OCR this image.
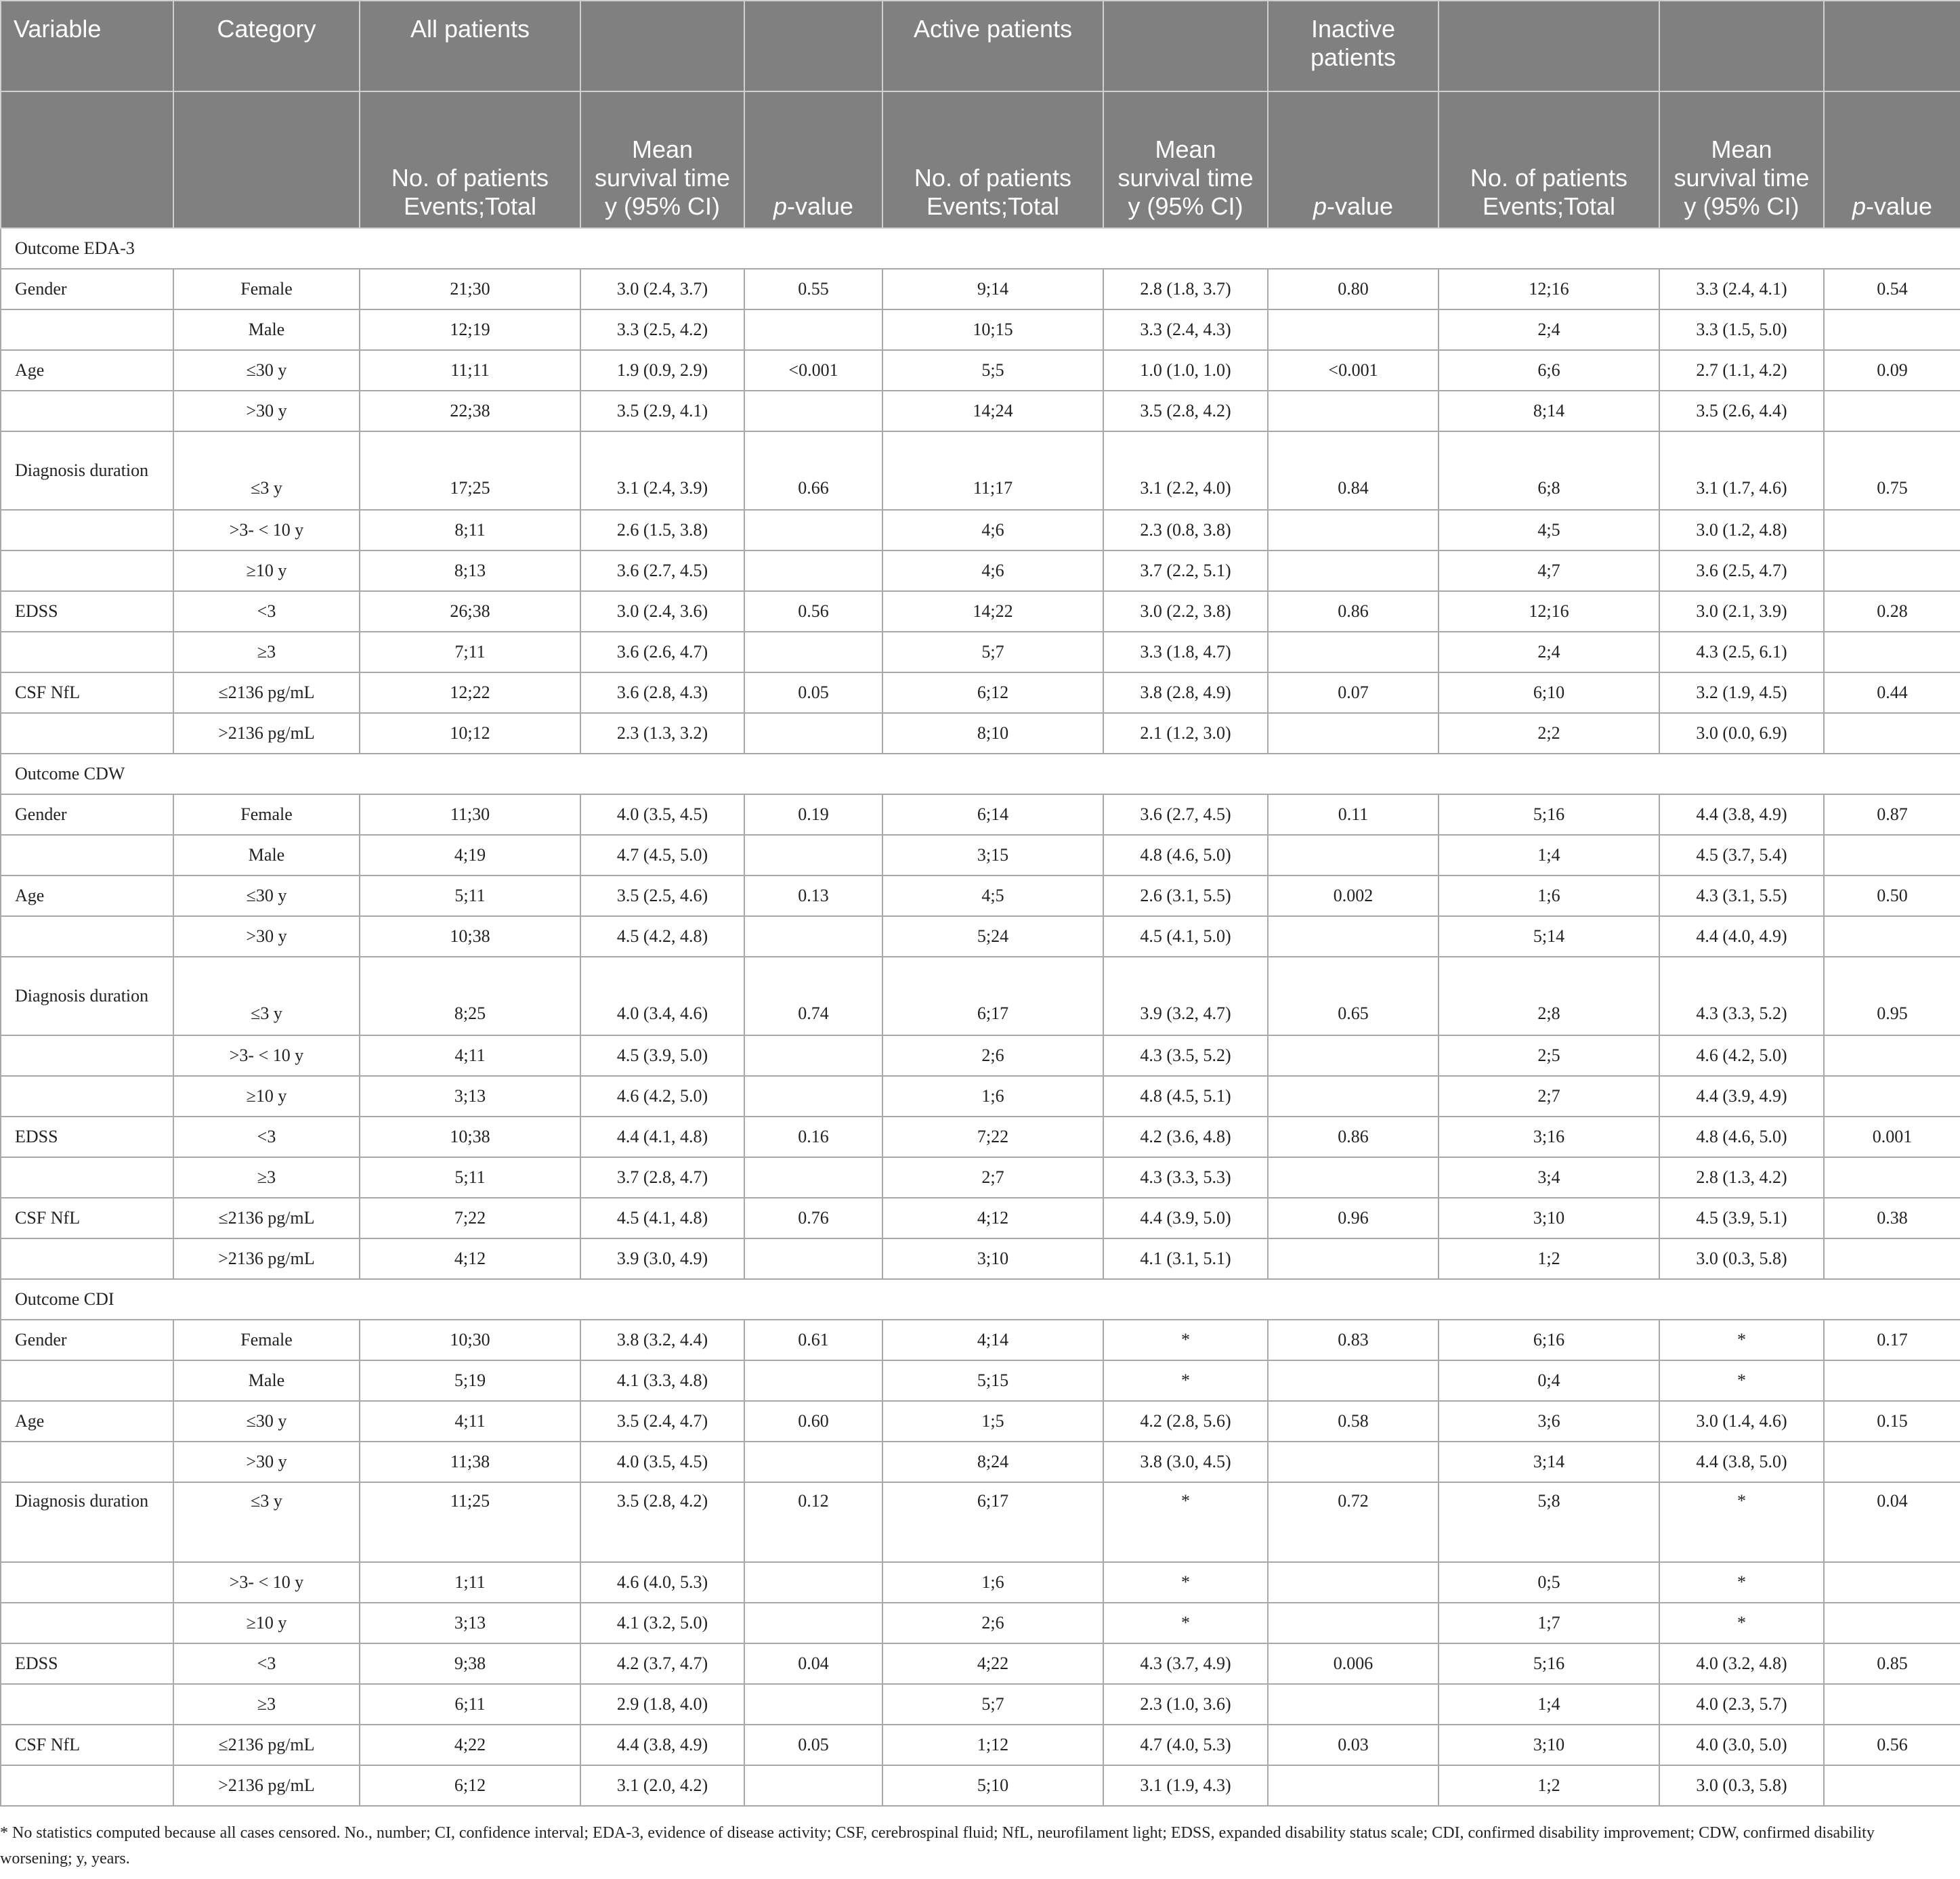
Variable	Category	All patients			Active patients		Inactive patients			
		No. of patients Events;Total	Mean survival time y (95% CI)	p-value	No. of patients Events;Total	Mean survival time y (95% CI)	p-value	No. of patients Events;Total	Mean survival time y (95% CI)	p-value
Outcome EDA-3										
Gender	Female	21;30	3.0 (2.4, 3.7)	0.55	9;14	2.8 (1.8, 3.7)	0.80	12;16	3.3 (2.4, 4.1)	0.54
	Male	12;19	3.3 (2.5, 4.2)		10;15	3.3 (2.4, 4.3)		2;4	3.3 (1.5, 5.0)	
Age	≤30 y	11;11	1.9 (0.9, 2.9)	<0.001	5;5	1.0 (1.0, 1.0)	<0.001	6;6	2.7 (1.1, 4.2)	0.09
	>30 y	22;38	3.5 (2.9, 4.1)		14;24	3.5 (2.8, 4.2)		8;14	3.5 (2.6, 4.4)	
Diagnosis duration	≤3 y	17;25	3.1 (2.4, 3.9)	0.66	11;17	3.1 (2.2, 4.0)	0.84	6;8	3.1 (1.7, 4.6)	0.75
	>3- < 10 y	8;11	2.6 (1.5, 3.8)		4;6	2.3 (0.8, 3.8)		4;5	3.0 (1.2, 4.8)	
	≥10 y	8;13	3.6 (2.7, 4.5)		4;6	3.7 (2.2, 5.1)		4;7	3.6 (2.5, 4.7)	
EDSS	<3	26;38	3.0 (2.4, 3.6)	0.56	14;22	3.0 (2.2, 3.8)	0.86	12;16	3.0 (2.1, 3.9)	0.28
	≥3	7;11	3.6 (2.6, 4.7)		5;7	3.3 (1.8, 4.7)		2;4	4.3 (2.5, 6.1)	
CSF NfL	≤2136 pg/mL	12;22	3.6 (2.8, 4.3)	0.05	6;12	3.8 (2.8, 4.9)	0.07	6;10	3.2 (1.9, 4.5)	0.44
	>2136 pg/mL	10;12	2.3 (1.3, 3.2)		8;10	2.1 (1.2, 3.0)		2;2	3.0 (0.0, 6.9)	
Outcome CDW										
Gender	Female	11;30	4.0 (3.5, 4.5)	0.19	6;14	3.6 (2.7, 4.5)	0.11	5;16	4.4 (3.8, 4.9)	0.87
	Male	4;19	4.7 (4.5, 5.0)		3;15	4.8 (4.6, 5.0)		1;4	4.5 (3.7, 5.4)	
Age	≤30 y	5;11	3.5 (2.5, 4.6)	0.13	4;5	2.6 (3.1, 5.5)	0.002	1;6	4.3 (3.1, 5.5)	0.50
	>30 y	10;38	4.5 (4.2, 4.8)		5;24	4.5 (4.1, 5.0)		5;14	4.4 (4.0, 4.9)	
Diagnosis duration	≤3 y	8;25	4.0 (3.4, 4.6)	0.74	6;17	3.9 (3.2, 4.7)	0.65	2;8	4.3 (3.3, 5.2)	0.95
	>3- < 10 y	4;11	4.5 (3.9, 5.0)		2;6	4.3 (3.5, 5.2)		2;5	4.6 (4.2, 5.0)	
	≥10 y	3;13	4.6 (4.2, 5.0)		1;6	4.8 (4.5, 5.1)		2;7	4.4 (3.9, 4.9)	
EDSS	<3	10;38	4.4 (4.1, 4.8)	0.16	7;22	4.2 (3.6, 4.8)	0.86	3;16	4.8 (4.6, 5.0)	0.001
	≥3	5;11	3.7 (2.8, 4.7)		2;7	4.3 (3.3, 5.3)		3;4	2.8 (1.3, 4.2)	
CSF NfL	≤2136 pg/mL	7;22	4.5 (4.1, 4.8)	0.76	4;12	4.4 (3.9, 5.0)	0.96	3;10	4.5 (3.9, 5.1)	0.38
	>2136 pg/mL	4;12	3.9 (3.0, 4.9)		3;10	4.1 (3.1, 5.1)		1;2	3.0 (0.3, 5.8)	
Outcome CDI										
Gender	Female	10;30	3.8 (3.2, 4.4)	0.61	4;14	*	0.83	6;16	*	0.17
	Male	5;19	4.1 (3.3, 4.8)		5;15	*		0;4	*	
Age	≤30 y	4;11	3.5 (2.4, 4.7)	0.60	1;5	4.2 (2.8, 5.6)	0.58	3;6	3.0 (1.4, 4.6)	0.15
	>30 y	11;38	4.0 (3.5, 4.5)		8;24	3.8 (3.0, 4.5)		3;14	4.4 (3.8, 5.0)	
Diagnosis duration	≤3 y	11;25	3.5 (2.8, 4.2)	0.12	6;17	*	0.72	5;8	*	0.04
	>3- < 10 y	1;11	4.6 (4.0, 5.3)		1;6	*		0;5	*	
	≥10 y	3;13	4.1 (3.2, 5.0)		2;6	*		1;7	*	
EDSS	<3	9;38	4.2 (3.7, 4.7)	0.04	4;22	4.3 (3.7, 4.9)	0.006	5;16	4.0 (3.2, 4.8)	0.85
	≥3	6;11	2.9 (1.8, 4.0)		5;7	2.3 (1.0, 3.6)		1;4	4.0 (2.3, 5.7)	
CSF NfL	≤2136 pg/mL	4;22	4.4 (3.8, 4.9)	0.05	1;12	4.7 (4.0, 5.3)	0.03	3;10	4.0 (3.0, 5.0)	0.56
	>2136 pg/mL	6;12	3.1 (2.0, 4.2)		5;10	3.1 (1.9, 4.3)		1;2	3.0 (0.3, 5.8)	
* No statistics computed because all cases censored. No., number; CI, confidence interval; EDA-3, evidence of disease activity; CSF, cerebrospinal fluid; NfL, neurofilament light; EDSS, expanded disability status scale; CDI, confirmed disability improvement; CDW, confirmed disability worsening; y, years.
